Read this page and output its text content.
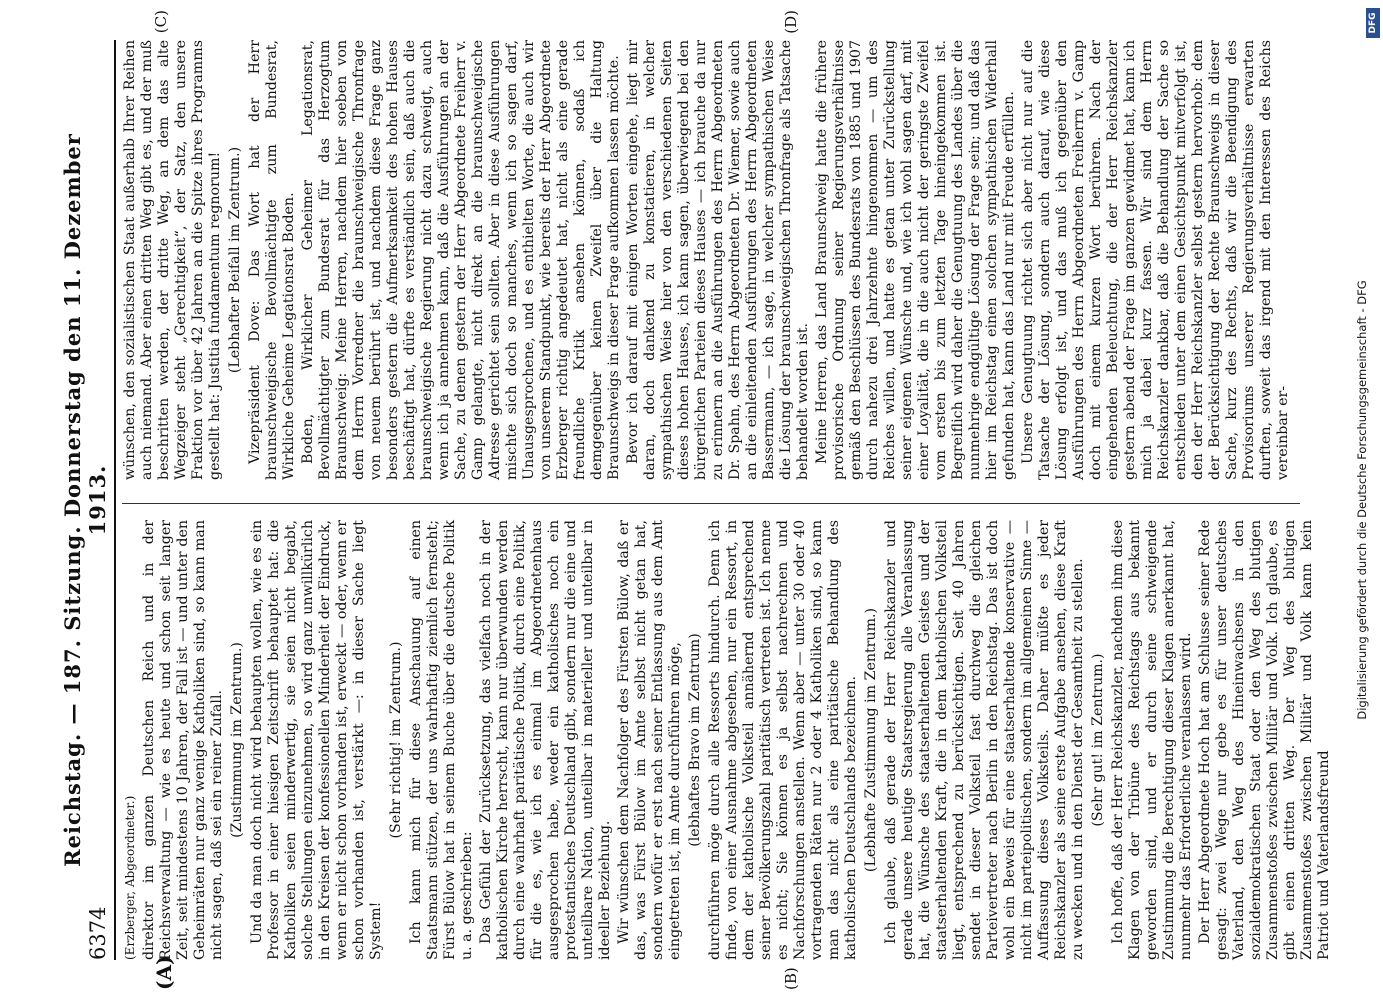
6374
Reichstag. — 187. Sitzung. Donnerstag den 11. Dezember 1913.
(A)	(B)
(C)	(D)

(Erzberger, Abgeordneter.) direktor im ganzen Deutschen Reich und in der Reichsverwaltung — wie es heute und schon seit langer Zeit, seit mindestens 10 Jahren, der Fall ist — und unter den Geheimräten nur ganz wenige Katholiken sind, so kann man nicht sagen, daß sei ein reiner Zufall. (Zustimmung im Zentrum.) Und da man doch nicht wird behaupten wollen, wie es ein Professor in einer hiesigen Zeitschrift behauptet hat: die Katholiken seien minderwertig, sie seien nicht begabt, solche Stellungen einzunehmen, so wird ganz unwillkürlich in den Kreisen der konfessionellen Minderheit der Eindruck, wenn er nicht schon vorhanden ist, erweckt — oder, wenn er schon vorhanden ist, verstärkt —: in dieser Sache liegt System!

(Sehr richtig! im Zentrum.) Ich kann mich für diese Anschauung auf einen Staatsmann stützen, der uns wahrhaftig ziemlich fernsteht; Fürst Bülow hat in seinem Buche über die deutsche Politik u. a. geschrieben: Das Gefühl der Zurücksetzung, das vielfach noch in der katholischen Kirche herrscht, kann nur überwunden werden durch eine wahrhaft paritätische Politik, durch eine Politik, für die es, wie ich es einmal im Abgeordnetenhaus ausgesprochen habe, weder ein katholisches noch ein protestantisches Deutschland gibt, sondern nur die eine und unteilbare Nation, unteilbar in materieller und unteilbar in ideeller Beziehung. Wir wünschen dem Nachfolger des Fürsten Bülow, daß er das, was Fürst Bülow im Amte selbst nicht getan hat, sondern wofür er erst nach seiner Entlassung aus dem Amt eingetreten ist, im Amte durchführen möge, (lebhaftes Bravo im Zentrum) durchführen möge durch alle Ressorts hindurch. Denn ich finde, von einer Ausnahme abgesehen, nur ein Ressort, in dem der katholische Volksteil annähernd entsprechend seiner Bevölkerungszahl paritätisch vertreten ist. Ich nenne es nicht; Sie können es ja selbst nachrechnen und Nachforschungen anstellen. Wenn aber — unter 30 oder 40 vortragenden Räten nur 2 oder 4 Katholiken sind, so kann man das nicht als eine paritätische Behandlung des katholischen Deutschlands bezeichnen. (Lebhafte Zustimmung im Zentrum.) Ich glaube, daß gerade der Herr Reichskanzler und gerade unsere heutige Staatsregierung alle Veranlassung hat, die Wünsche des staatserhaltenden Geistes und der staatserhaltenden Kraft, die in dem katholischen Volksteil liegt, entsprechend zu berücksichtigen. Seit 40 Jahren sendet in dieser Volksteil fast durchweg die gleichen Parteivertreter nach Berlin in den Reichstag. Das ist doch wohl ein Beweis für eine staatserhaltende konservative — nicht im parteipolitischen, sondern im allgemeinen Sinne — Auffassung dieses Volksteils. Daher müßte es jeder Reichskanzler als seine erste Aufgabe ansehen, diese Kraft zu wecken und in den Dienst der Gesamtheit zu stellen. (Sehr gut! im Zentrum.) Ich hoffe, daß der Herr Reichskanzler, nachdem ihm diese Klagen von der Tribüne des Reichstags aus bekannt geworden sind, und er durch seine schweigende Zustimmung die Berechtigung dieser Klagen anerkannt hat, nunmehr das Erforderliche veranlassen wird. Der Herr Abgeordnete Hoch hat am Schlusse seiner Rede gesagt: zwei Wege nur gebe es für unser deutsches Vaterland, den Weg des Hineinwachsens in den sozialdemokratischen Staat oder den Weg des blutigen Zusammenstoßes zwischen Militär und Volk. Ich glaube, es gibt einen dritten Weg. Der Weg des blutigen Zusammenstoßes zwischen Militär und Volk kann kein Patriot und Vaterlandsfreund

wünschen, den sozialistischen Staat außerhalb Ihrer Reihen auch niemand. Aber einen dritten Weg gibt es, und der muß beschritten werden, der dritte Weg, an dem das alte Wegzeiger steht „Gerechtigkeit“, der Satz, den unsere Fraktion vor über 42 Jahren an die Spitze ihres Programms gestellt hat: Justitia fundamentum regnorum! (Lebhafter Beifall im Zentrum.) Vizepräsident Dove: Das Wort hat der Herr braunschweigische Bevollmächtigte zum Bundesrat, Wirkliche Geheime Legationsrat Boden. Boden, Wirklicher Geheimer Legationsrat, Bevollmächtigter zum Bundesrat für das Herzogtum Braunschweig: Meine Herren, nachdem hier soeben von dem Herrn Vorredner die braunschweigische Thronfrage von neuem berührt ist, und nachdem diese Frage ganz besonders gestern die Aufmerksamkeit des hohen Hauses beschäftigt hat, dürfte es verständlich sein, daß auch die braunschweigische Regierung nicht dazu schweigt, auch wenn ich ja annehmen kann, daß die Ausführungen an der Sache, zu denen gestern der Herr Abgeordnete Freiherr v. Gamp gelangte, nicht direkt an die braunschweigische Adresse gerichtet sein sollten. Aber in diese Ausführungen mischte sich doch so manches, wenn ich so sagen darf, Unausgesprochene, und es enthielten Worte, die auch wir von unserem Standpunkt, wie bereits der Herr Abgeordnete Erzberger richtig angedeutet hat, nicht als eine gerade freundliche Kritik ansehen können, sodaß ich demgegenüber keinen Zweifel über die Haltung Braunschweigs in dieser Frage aufkommen lassen möchte. Bevor ich darauf mit einigen Worten eingehe, liegt mir daran, doch dankend zu konstatieren, in welcher sympathischen Weise hier von den verschiedenen Seiten dieses hohen Hauses, ich kann sagen, überwiegend bei den bürgerlichen Parteien dieses Hauses — ich brauche da nur zu erinnern an die Ausführungen des Herrn Abgeordneten Dr. Spahn, des Herrn Abgeordneten Dr. Wiemer, sowie auch an die einleitenden Ausführungen des Herrn Abgeordneten Bassermann, — ich sage, in welcher sympathischen Weise die Lösung der braunschweigischen Thronfrage als Tatsache behandelt worden ist. Meine Herren, das Land Braunschweig hatte die frühere provisorische Ordnung seiner Regierungsverhältnisse gemäß den Beschlüssen des Bundesrats von 1885 und 1907 durch nahezu drei Jahrzehnte hingenommen — um des Reiches willen, und hatte es getan unter Zurückstellung seiner eigenen Wünsche und, wie ich wohl sagen darf, mit einer Loyalität, die in die auch nicht der geringste Zweifel vom ersten bis zum letzten Tage hineingekommen ist. Begreiflich wird daher die Genugtuung des Landes über die nunmehrige endgültige Lösung der Frage sein; und daß das hier im Reichstag einen solchen sympathischen Widerhall gefunden hat, kann das Land nur mit Freude erfüllen. Unsere Genugtuung richtet sich aber nicht nur auf die Tatsache der Lösung, sondern auch darauf, wie diese Lösung erfolgt ist, und das muß ich gegenüber den Ausführungen des Herrn Abgeordneten Freiherrn v. Gamp doch mit einem kurzen Wort berühren. Nach der eingehenden Beleuchtung, die der Herr Reichskanzler gestern abend der Frage im ganzen gewidmet hat, kann ich mich ja dabei kurz fassen. Wir sind dem Herrn Reichskanzler dankbar, daß die Behandlung der Sache so entschieden unter dem einen Gesichtspunkt mitverfolgt ist, den der Herr Reichskanzler selbst gestern hervorhob: dem der Berücksichtigung der Rechte Braunschweigs in dieser Sache, kurz des Rechts, daß wir die Beendigung des Provisoriums unserer Regierungsverhältnisse erwarten durften, soweit das irgend mit den Interessen des Reichs vereinbar er-	Digitalisierung gefördert durch die Deutsche Forschungsgemeinschaft - DFG
DFG
